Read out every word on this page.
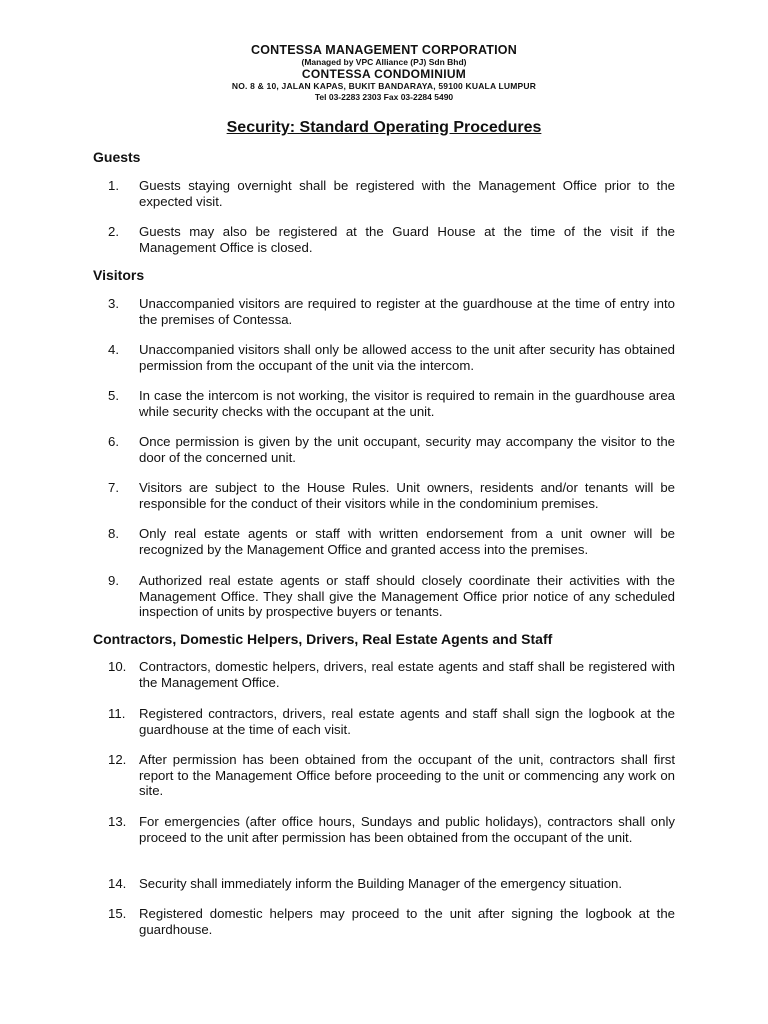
CONTESSA MANAGEMENT CORPORATION
(Managed by VPC Alliance (PJ) Sdn Bhd)
CONTESSA CONDOMINIUM
NO. 8 & 10, JALAN KAPAS, BUKIT BANDARAYA, 59100 KUALA LUMPUR
Tel 03-2283 2303 Fax 03-2284 5490
Security: Standard Operating Procedures
Guests
1.	Guests staying overnight shall be registered with the Management Office prior to the expected visit.
2.	Guests may also be registered at the Guard House at the time of the visit if the Management Office is closed.
Visitors
3.	Unaccompanied visitors are required to register at the guardhouse at the time of entry into the premises of Contessa.
4.	Unaccompanied visitors shall only be allowed access to the unit after security has obtained permission from the occupant of the unit via the intercom.
5.	In case the intercom is not working, the visitor is required to remain in the guardhouse area while security checks with the occupant at the unit.
6.	Once permission is given by the unit occupant, security may accompany the visitor to the door of the concerned unit.
7.	Visitors are subject to the House Rules. Unit owners, residents and/or tenants will be responsible for the conduct of their visitors while in the condominium premises.
8.	Only real estate agents or staff with written endorsement from a unit owner will be recognized by the Management Office and granted access into the premises.
9.	Authorized real estate agents or staff should closely coordinate their activities with the Management Office. They shall give the Management Office prior notice of any scheduled inspection of units by prospective buyers or tenants.
Contractors, Domestic Helpers, Drivers, Real Estate Agents and Staff
10. Contractors, domestic helpers, drivers, real estate agents and staff shall be registered with the Management Office.
11.	Registered contractors, drivers, real estate agents and staff shall sign the logbook at the guardhouse at the time of each visit.
12. After permission has been obtained from the occupant of the unit, contractors shall first report to the Management Office before proceeding to the unit or commencing any work on site.
13. For emergencies (after office hours, Sundays and public holidays), contractors shall only proceed to the unit after permission has been obtained from the occupant of the unit.
14. Security shall immediately inform the Building Manager of the emergency situation.
15. Registered domestic helpers may proceed to the unit after signing the logbook at the guardhouse.
